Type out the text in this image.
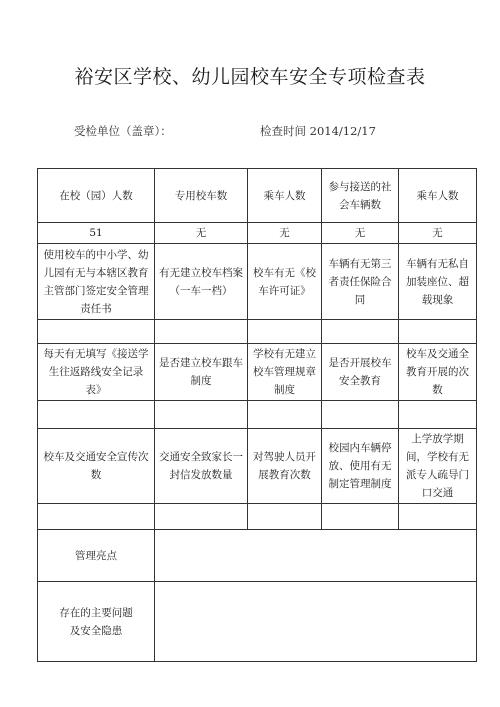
裕安区学校、幼儿园校车安全专项检查表
受检单位（盖章）：	检查时间 2014/12/17
在校（园）人数	专用校车数	乘车人数	参与接送的社会车辆数	乘车人数
51	无	无	无	无
使用校车的中小学、幼儿园有无与本辖区教育主管部门签定安全管理责任书	有无建立校车档案（一车一档）	校车有无《校车许可证》	车辆有无第三者责任保险合同	车辆有无私自加装座位、超载现象

每天有无填写《接送学生往返路线安全记录表》	是否建立校车跟车制度	学校有无建立校车管理规章制度	是否开展校车安全教育	校车及交通全教育开展的次数

校车及交通安全宣传次数	交通安全致家长一封信发放数量	对驾驶人员开展教育次数	校园内车辆停放、使用有无制定管理制度	上学放学期间，学校有无派专人疏导门口交通

管理亮点				
存在的主要问题及安全隐患				
